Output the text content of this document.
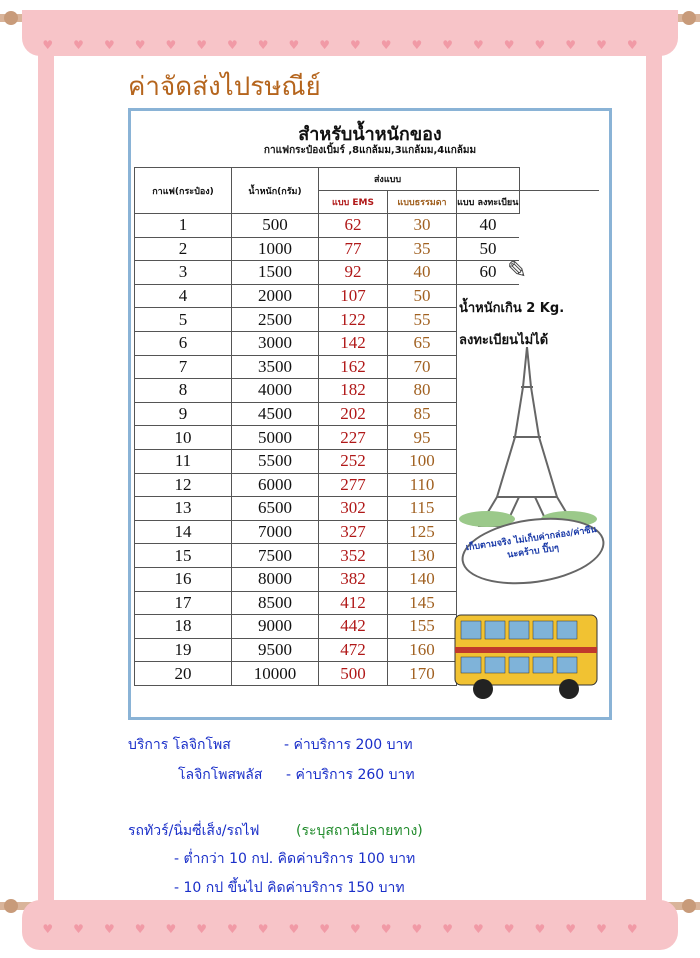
♥♥♥♥♥♥♥♥♥♥♥♥♥♥♥♥♥♥♥♥
♥♥♥♥♥♥♥♥♥♥♥♥♥♥♥♥♥♥♥♥
ค่าจัดส่งไปรษณีย์
สำหรับน้ำหนักของ
กาแฟกระป๋องเบิ้มร์ ,8แกล้มม,3แกล้มม,4แกล้มม
กาแฟ(กระป๋อง)	น้ำหนัก(กรัม)	ส่งแบบ			
		แบบ EMS	แบบธรรมดา	แบบ ลงทะเบียน	
1	500	62	30	40	
2	1000	77	35	50	
3	1500	92	40	60	
4	2000	107	50		
5	2500	122	55		
6	3000	142	65		
7	3500	162	70		
8	4000	182	80		
9	4500	202	85		
10	5000	227	95		
11	5500	252	100		
12	6000	277	110		
13	6500	302	115		
14	7000	327	125		
15	7500	352	130		
16	8000	382	140		
17	8500	412	145		
18	9000	442	155		
19	9500	472	160		
20	10000	500	170		
✎
น้ำหนักเกิน 2 Kg.
ลงทะเบียนไม่ได้
เก็บตามจริง ไม่เก็บค่ากล่อง/ค่าซีนนะคร้าบ ปิ๊บๆ
บริการ โลจิกโพส	- ค่าบริการ 200 บาท
โลจิกโพสพลัส - ค่าบริการ 260 บาท
รถทัวร์/นิ่มซี่เส็ง/รถไฟ	(ระบุสถานีปลายทาง)
- ต่ำกว่า 10 กป. คิดค่าบริการ 100 บาท
- 10 กป ขึ้นไป คิดค่าบริการ 150 บาท
